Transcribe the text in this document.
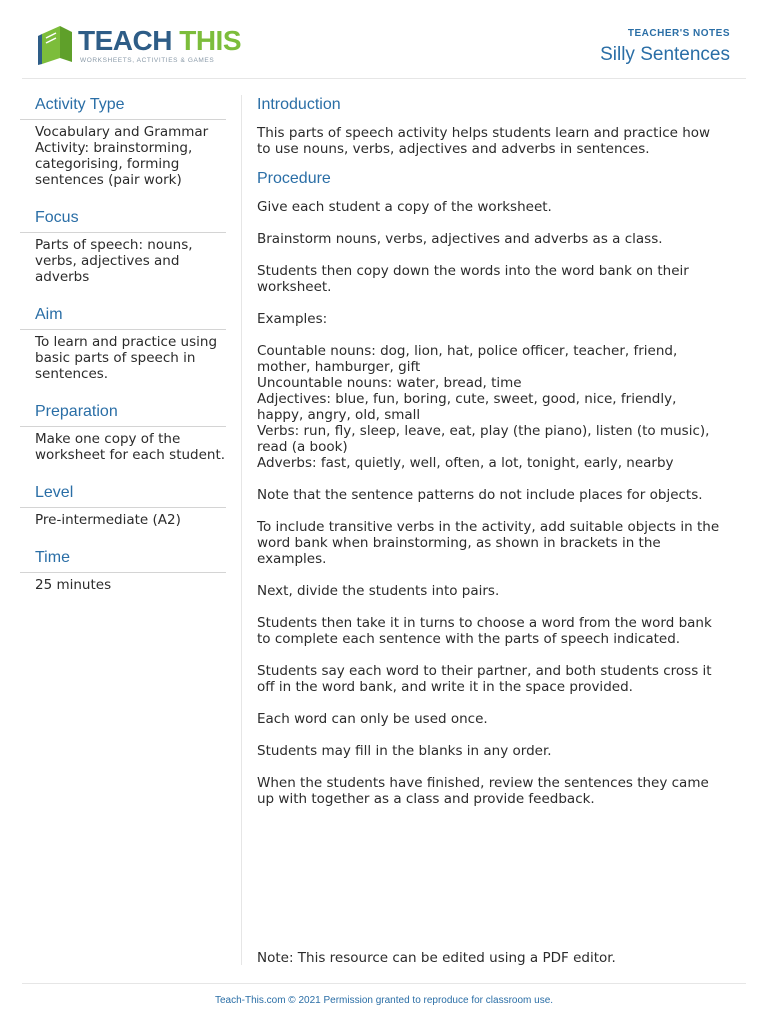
TEACH THIS
WORKSHEETS, ACTIVITIES & GAMES
TEACHER'S NOTES
Silly Sentences
Activity Type
Vocabulary and Grammar Activity: brainstorming, categorising, forming sentences (pair work)
Focus
Parts of speech: nouns, verbs, adjectives and adverbs
Aim
To learn and practice using basic parts of speech in sentences.
Preparation
Make one copy of the worksheet for each student.
Level
Pre-intermediate (A2)
Time
25 minutes
Introduction

This parts of speech activity helps students learn and practice how to use nouns, verbs, adjectives and adverbs in sentences.

Procedure

Give each student a copy of the worksheet.

Brainstorm nouns, verbs, adjectives and adverbs as a class.

Students then copy down the words into the word bank on their worksheet.

Examples:

Countable nouns: dog, lion, hat, police officer, teacher, friend, mother, hamburger, gift
Uncountable nouns: water, bread, time
Adjectives: blue, fun, boring, cute, sweet, good, nice, friendly, happy, angry, old, small
Verbs: run, fly, sleep, leave, eat, play (the piano), listen (to music), read (a book)
Adverbs: fast, quietly, well, often, a lot, tonight, early, nearby

Note that the sentence patterns do not include places for objects.

To include transitive verbs in the activity, add suitable objects in the word bank when brainstorming, as shown in brackets in the examples.

Next, divide the students into pairs.

Students then take it in turns to choose a word from the word bank to complete each sentence with the parts of speech indicated.

Students say each word to their partner, and both students cross it off in the word bank, and write it in the space provided.

Each word can only be used once.

Students may fill in the blanks in any order.

When the students have finished, review the sentences they came up with together as a class and provide feedback.

Note: This resource can be edited using a PDF editor.
Teach-This.com © 2021 Permission granted to reproduce for classroom use.
